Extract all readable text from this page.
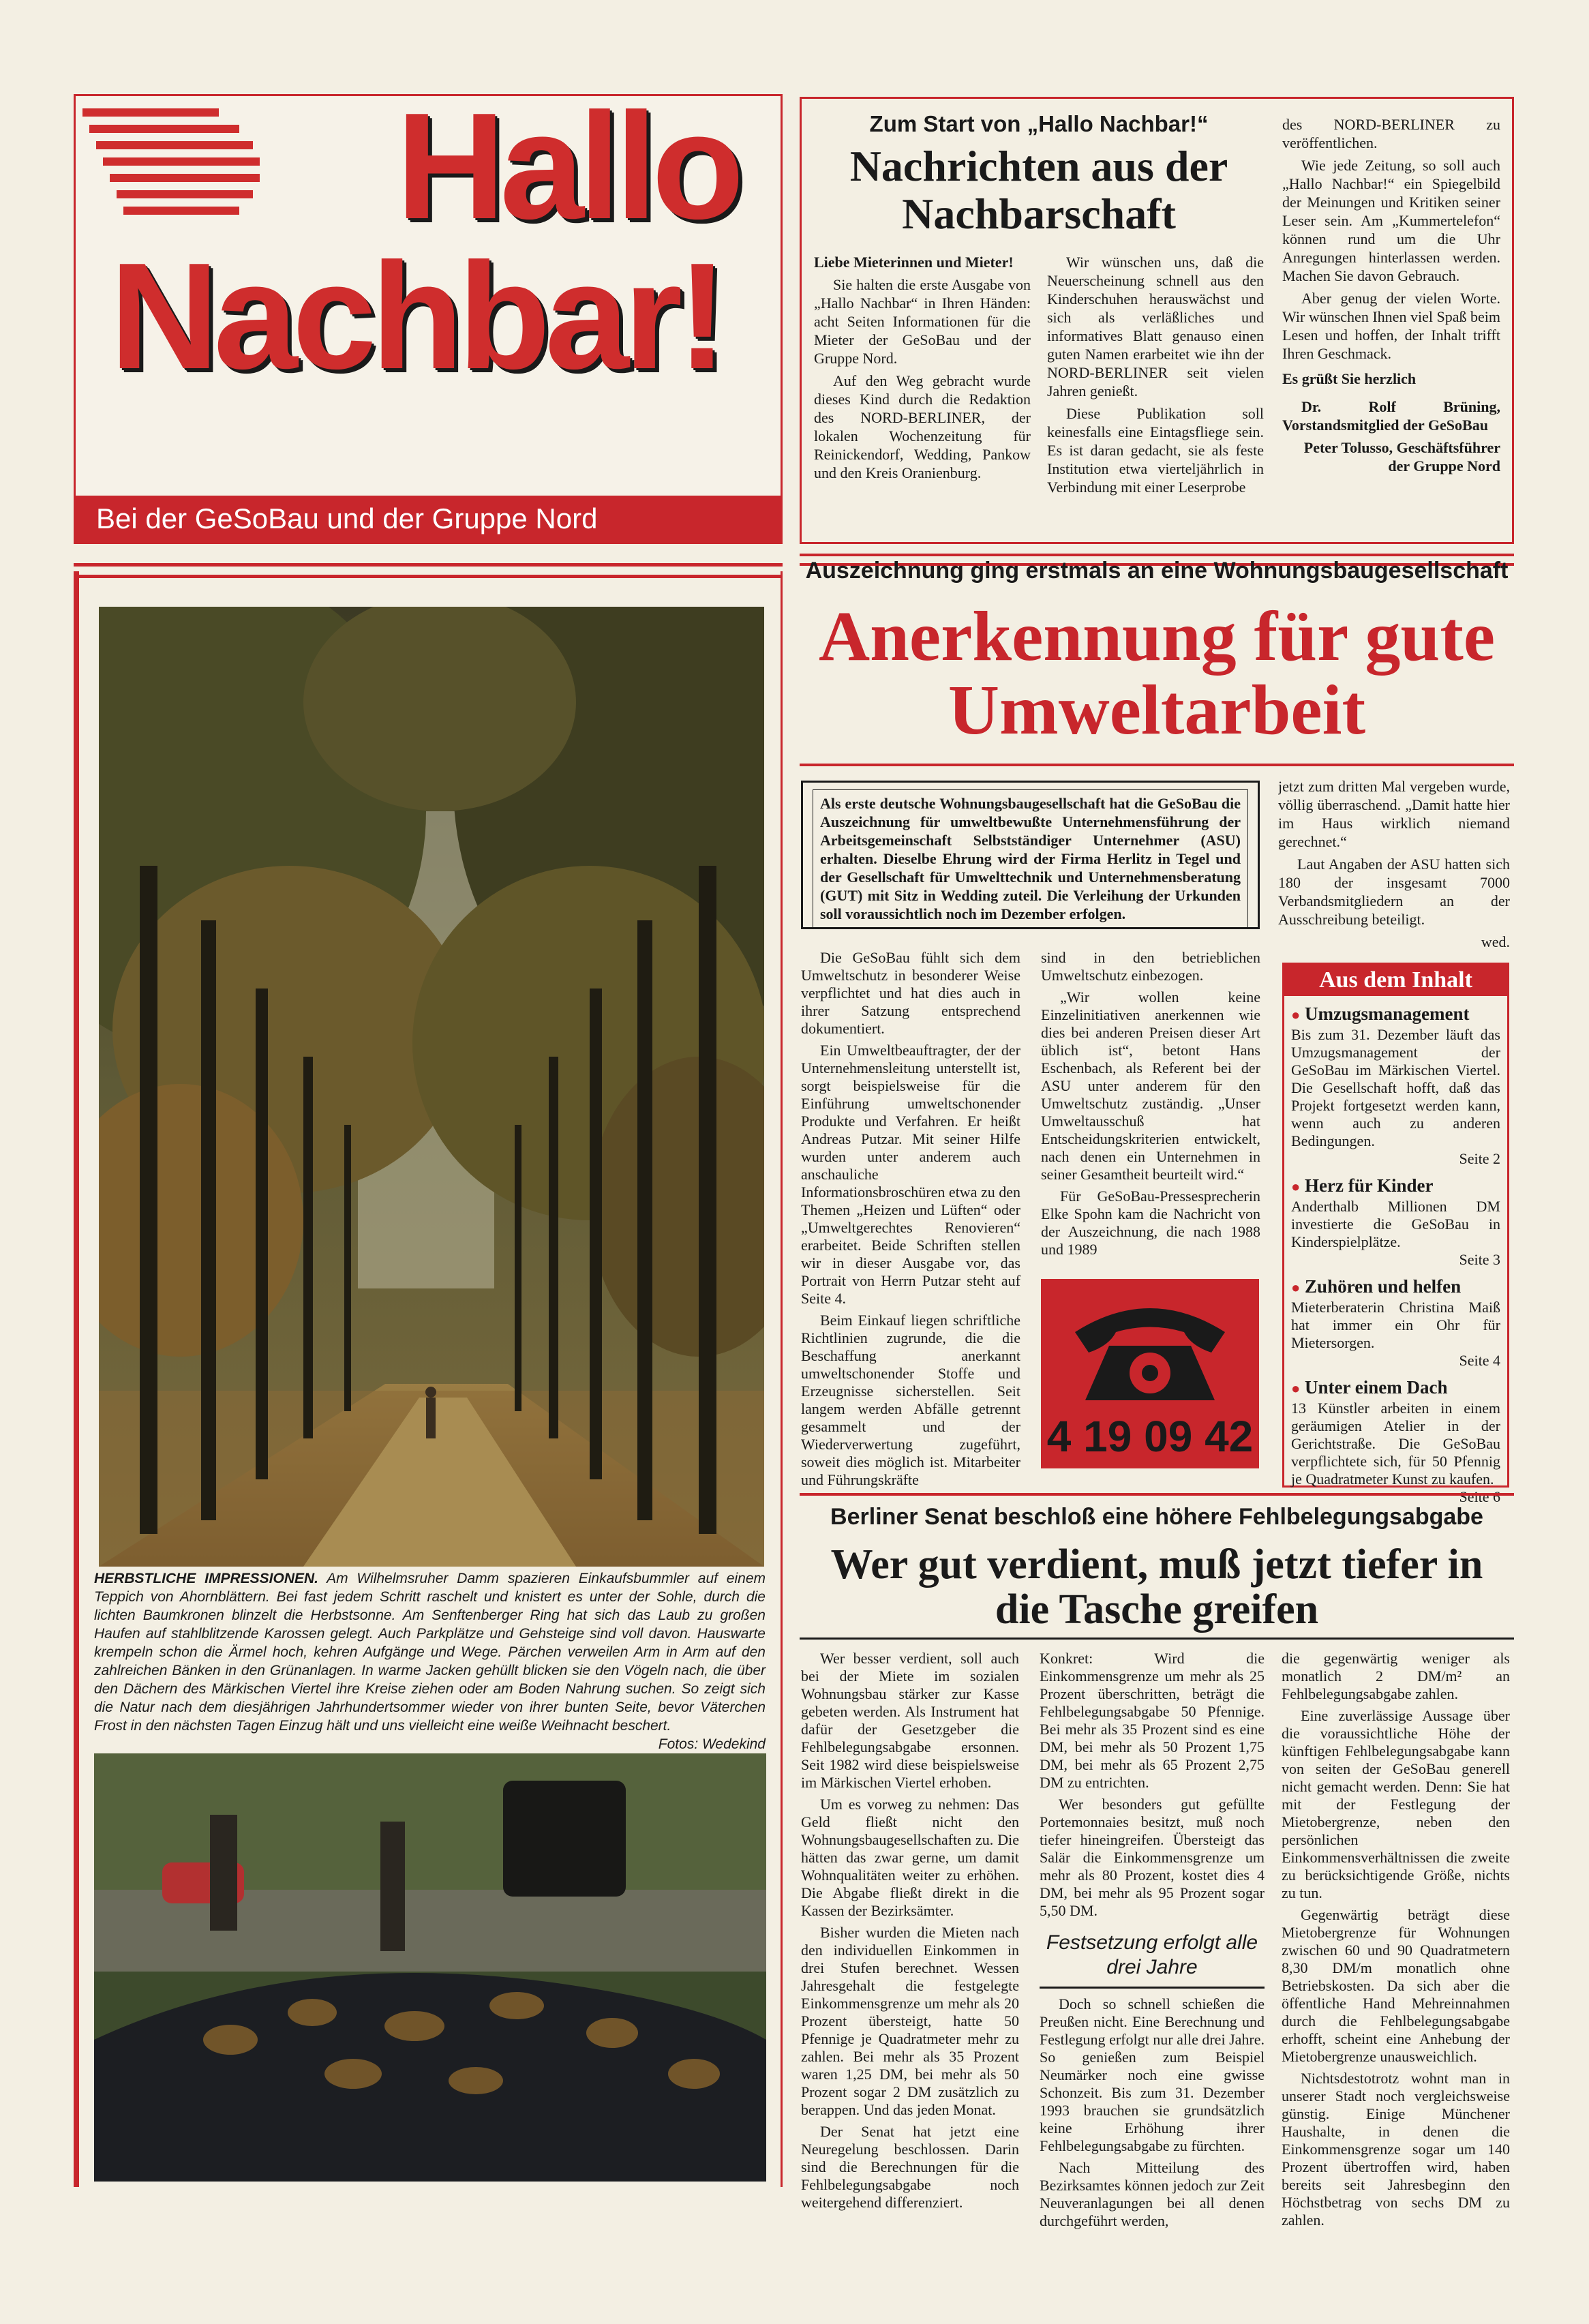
Hallo
Nachbar!
Bei der GeSoBau und der Gruppe Nord
Zum Start von „Hallo Nachbar!“
Nachrichten aus der Nachbarschaft

Liebe Mieterinnen und Mieter!

Sie halten die erste Ausgabe von „Hallo Nachbar“ in Ihren Händen: acht Seiten Informationen für die Mieter der GeSoBau und der Gruppe Nord.

Auf den Weg gebracht wurde dieses Kind durch die Redaktion des NORD-BERLINER, der lokalen Wochenzeitung für Reinickendorf, Wedding, Pankow und den Kreis Oranienburg.

Wir wünschen uns, daß die Neuerscheinung schnell aus den Kinderschuhen herauswächst und sich als verläßliches und informatives Blatt genauso einen guten Namen erarbeitet wie ihn der NORD-BERLINER seit vielen Jahren genießt.

Diese Publikation soll keinesfalls eine Eintagsfliege sein. Es ist daran gedacht, sie als feste Institution etwa vierteljährlich in Verbindung mit einer Leserprobe

des NORD-BERLINER zu veröffentlichen.

Wie jede Zeitung, so soll auch „Hallo Nachbar!“ ein Spiegelbild der Meinungen und Kritiken seiner Leser sein. Am „Kummertelefon“ können rund um die Uhr Anregungen hinterlassen werden. Machen Sie davon Gebrauch.

Aber genug der vielen Worte. Wir wünschen Ihnen viel Spaß beim Lesen und hoffen, der Inhalt trifft Ihren Geschmack.

Es grüßt Sie herzlich

Dr. Rolf Brüning, Vorstandsmitglied der GeSoBau

Peter Tolusso, Geschäftsführer der Gruppe Nord

HERBSTLICHE IMPRESSIONEN. Am Wilhelmsruher Damm spazieren Einkaufsbummler auf einem Teppich von Ahornblättern. Bei fast jedem Schritt raschelt und knistert es unter der Sohle, durch die lichten Baumkronen blinzelt die Herbstsonne. Am Senftenberger Ring hat sich das Laub zu großen Haufen auf stahlblitzende Karossen gelegt. Auch Parkplätze und Gehsteige sind voll davon. Hauswarte krempeln schon die Ärmel hoch, kehren Aufgänge und Wege. Pärchen verweilen Arm in Arm auf den zahlreichen Bänken in den Grünanlagen. In warme Jacken gehüllt blicken sie den Vögeln nach, die über den Dächern des Märkischen Viertel ihre Kreise ziehen oder am Boden Nahrung suchen. So zeigt sich die Natur nach dem diesjährigen Jahrhundertsommer wieder von ihrer bunten Seite, bevor Väterchen Frost in den nächsten Tagen Einzug hält und uns vielleicht eine weiße Weihnacht beschert.
Fotos: Wedekind
Auszeichnung ging erstmals an eine Wohnungsbaugesellschaft
Anerkennung für gute Umweltarbeit
Als erste deutsche Wohnungsbaugesellschaft hat die GeSoBau die Auszeichnung für umweltbewußte Unternehmensführung der Arbeitsgemeinschaft Selbstständiger Unternehmer (ASU) erhalten. Dieselbe Ehrung wird der Firma Herlitz in Tegel und der Gesellschaft für Umwelttechnik und Unternehmensberatung (GUT) mit Sitz in Wedding zuteil. Die Verleihung der Urkunden soll voraussichtlich noch im Dezember erfolgen.

jetzt zum dritten Mal vergeben wurde, völlig überraschend. „Damit hatte hier im Haus wirklich niemand gerechnet.“

Laut Angaben der ASU hatten sich 180 der insgesamt 7000 Verbandsmitgliedern an der Ausschreibung beteiligt.

wed.

Die GeSoBau fühlt sich dem Umweltschutz in besonderer Weise verpflichtet und hat dies auch in ihrer Satzung entsprechend dokumentiert.

Ein Umweltbeauftragter, der der Unternehmensleitung unterstellt ist, sorgt beispielsweise für die Einführung umweltschonender Produkte und Verfahren. Er heißt Andreas Putzar. Mit seiner Hilfe wurden unter anderem auch anschauliche Informationsbroschüren etwa zu den Themen „Heizen und Lüften“ oder „Umweltgerechtes Renovieren“ erarbeitet. Beide Schriften stellen wir in dieser Ausgabe vor, das Portrait von Herrn Putzar steht auf Seite 4.

Beim Einkauf liegen schriftliche Richtlinien zugrunde, die die Beschaffung anerkannt umweltschonender Stoffe und Erzeugnisse sicherstellen. Seit langem werden Abfälle getrennt gesammelt und der Wiederverwertung zugeführt, soweit dies möglich ist. Mitarbeiter und Führungskräfte

sind in den betrieblichen Umweltschutz einbezogen.

„Wir wollen keine Einzelinitiativen anerkennen wie dies bei anderen Preisen dieser Art üblich ist“, betont Hans Eschenbach, als Referent bei der ASU unter anderem für den Umweltschutz zuständig. „Unser Umweltausschuß hat Entscheidungskriterien entwickelt, nach denen ein Unternehmen in seiner Gesamtheit beurteilt wird.“

Für GeSoBau-Pressesprecherin Elke Spohn kam die Nachricht von der Auszeichnung, die nach 1988 und 1989

4 19 09 42
Aus dem Inhalt
● Umzugsmanagement
Bis zum 31. Dezember läuft das Umzugsmanagement der GeSoBau im Märkischen Viertel. Die Gesellschaft hofft, daß das Projekt fortgesetzt werden kann, wenn auch zu anderen Bedingungen.
Seite 2
● Herz für Kinder
Anderthalb Millionen DM investierte die GeSoBau in Kinderspielplätze.
Seite 3
● Zuhören und helfen
Mieterberaterin Christina Maiß hat immer ein Ohr für Mietersorgen.
Seite 4
● Unter einem Dach
13 Künstler arbeiten in einem geräumigen Atelier in der Gerichtstraße. Die GeSoBau verpflichtete sich, für 50 Pfennig je Quadratmeter Kunst zu kaufen.
Seite 6
Berliner Senat beschloß eine höhere Fehlbelegungsabgabe
Wer gut verdient, muß jetzt tiefer in die Tasche greifen

Wer besser verdient, soll auch bei der Miete im sozialen Wohnungsbau stärker zur Kasse gebeten werden. Als Instrument hat dafür der Gesetzgeber die Fehlbelegungsabgabe ersonnen. Seit 1982 wird diese beispielsweise im Märkischen Viertel erhoben.

Um es vorweg zu nehmen: Das Geld fließt nicht den Wohnungsbaugesellschaften zu. Die hätten das zwar gerne, um damit Wohnqualitäten weiter zu erhöhen. Die Abgabe fließt direkt in die Kassen der Bezirksämter.

Bisher wurden die Mieten nach den individuellen Einkommen in drei Stufen berechnet. Wessen Jahresgehalt die festgelegte Einkommensgrenze um mehr als 20 Prozent übersteigt, hatte 50 Pfennige je Quadratmeter mehr zu zahlen. Bei mehr als 35 Prozent waren 1,25 DM, bei mehr als 50 Prozent sogar 2 DM zusätzlich zu berappen. Und das jeden Monat.

Der Senat hat jetzt eine Neuregelung beschlossen. Darin sind die Berechnungen für die Fehlbelegungsabgabe noch weitergehend differenziert.

Konkret: Wird die Einkommensgrenze um mehr als 25 Prozent überschritten, beträgt die Fehlbelegungsabgabe 50 Pfennige. Bei mehr als 35 Prozent sind es eine DM, bei mehr als 50 Prozent 1,75 DM, bei mehr als 65 Prozent 2,75 DM zu entrichten.

Wer besonders gut gefüllte Portemonnaies besitzt, muß noch tiefer hineingreifen. Übersteigt das Salär die Einkommensgrenze um mehr als 80 Prozent, kostet dies 4 DM, bei mehr als 95 Prozent sogar 5,50 DM.

Festsetzung erfolgt alle drei Jahre

Doch so schnell schießen die Preußen nicht. Eine Berechnung und Festlegung erfolgt nur alle drei Jahre. So genießen zum Beispiel Neumärker noch eine gwisse Schonzeit. Bis zum 31. Dezember 1993 brauchen sie grundsätzlich keine Erhöhung ihrer Fehlbelegungsabgabe zu fürchten.

Nach Mitteilung des Bezirksamtes können jedoch zur Zeit Neuveranlagungen bei all denen durchgeführt werden,

die gegenwärtig weniger als monatlich 2 DM/m² an Fehlbelegungsabgabe zahlen.

Eine zuverlässige Aussage über die voraussichtliche Höhe der künftigen Fehlbelegungsabgabe kann von seiten der GeSoBau generell nicht gemacht werden. Denn: Sie hat mit der Festlegung der Mietobergrenze, neben den persönlichen Einkommensverhältnissen die zweite zu berücksichtigende Größe, nichts zu tun.

Gegenwärtig beträgt diese Mietobergrenze für Wohnungen zwischen 60 und 90 Quadratmetern 8,30 DM/m monatlich ohne Betriebskosten. Da sich aber die öffentliche Hand Mehreinnahmen durch die Fehlbelegungsabgabe erhofft, scheint eine Anhebung der Mietobergrenze unausweichlich.

Nichtsdestotrotz wohnt man in unserer Stadt noch vergleichsweise günstig. Einige Münchener Haushalte, in denen die Einkommensgrenze sogar um 140 Prozent übertroffen wird, haben bereits seit Jahresbeginn den Höchstbetrag von sechs DM zu zahlen.
